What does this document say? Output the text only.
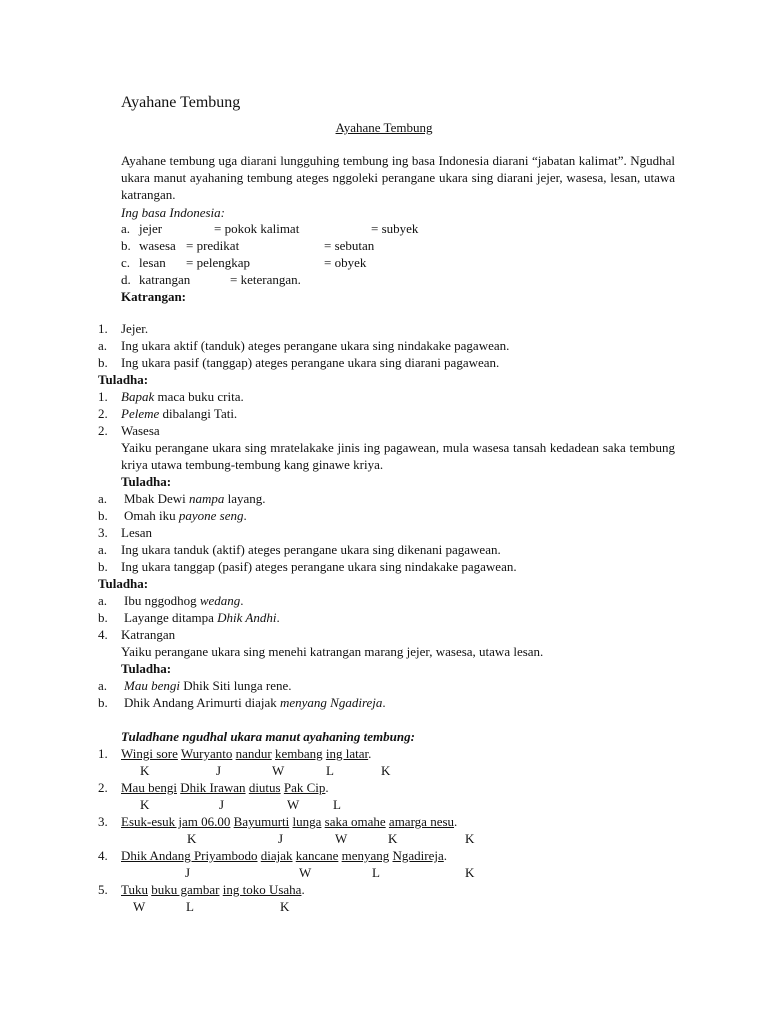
Ayahane Tembung
Ayahane Tembung
Ayahane tembung uga diarani lungguhing tembung ing basa Indonesia diarani “jabatan kalimat”. Ngudhal ukara manut ayahaning tembung ateges nggoleki perangane ukara sing diarani jejer, wasesa, lesan, utawa katrangan.
Ing basa Indonesia:
a. jejer	= pokok kalimat	= subyek
b. wasesa = predikat	= sebutan
c. lesan = pelengkap	= obyek
d. katrangan	= keterangan.
Katrangan:
1. Jejer.
a. Ing ukara aktif (tanduk) ateges perangane ukara sing nindakake pagawean.
b. Ing ukara pasif (tanggap) ateges perangane ukara sing diarani pagawean.
Tuladha:
1. Bapak maca buku crita.
2. Peleme dibalangi Tati.
2. Wasesa
Yaiku perangane ukara sing mratelakake jinis ing pagawean, mula wasesa tansah kedadean saka tembung kriya utawa tembung-tembung kang ginawe kriya.
Tuladha:
a. Mbak Dewi nampa layang.
b. Omah iku payone seng.
3. Lesan
a. Ing ukara tanduk (aktif) ateges perangane ukara sing dikenani pagawean.
b. Ing ukara tanggap (pasif) ateges perangane ukara sing nindakake pagawean.
Tuladha:
a. Ibu nggodhog wedang.
b. Layange ditampa Dhik Andhi.
4. Katrangan
Yaiku perangane ukara sing menehi katrangan marang jejer, wasesa, utawa lesan.
Tuladha:
a. Mau bengi Dhik Siti lunga rene.
b. Dhik Andang Arimurti diajak menyang Ngadireja.
Tuladhane ngudhal ukara manut ayahaning tembung:
1. Wingi sore Wuryanto nandur kembang ing latar.
K	J	W	L	K
2. Mau bengi Dhik Irawan diutus Pak Cip.
K	J	W	L
3. Esuk-esuk jam 06.00 Bayumurti lunga saka omahe amarga nesu.
K	J	W	K	K
4. Dhik Andang Priyambodo diajak kancane menyang Ngadireja.
J	W	L	K
5. Tuku buku gambar ing toko Usaha.
W	L	K
